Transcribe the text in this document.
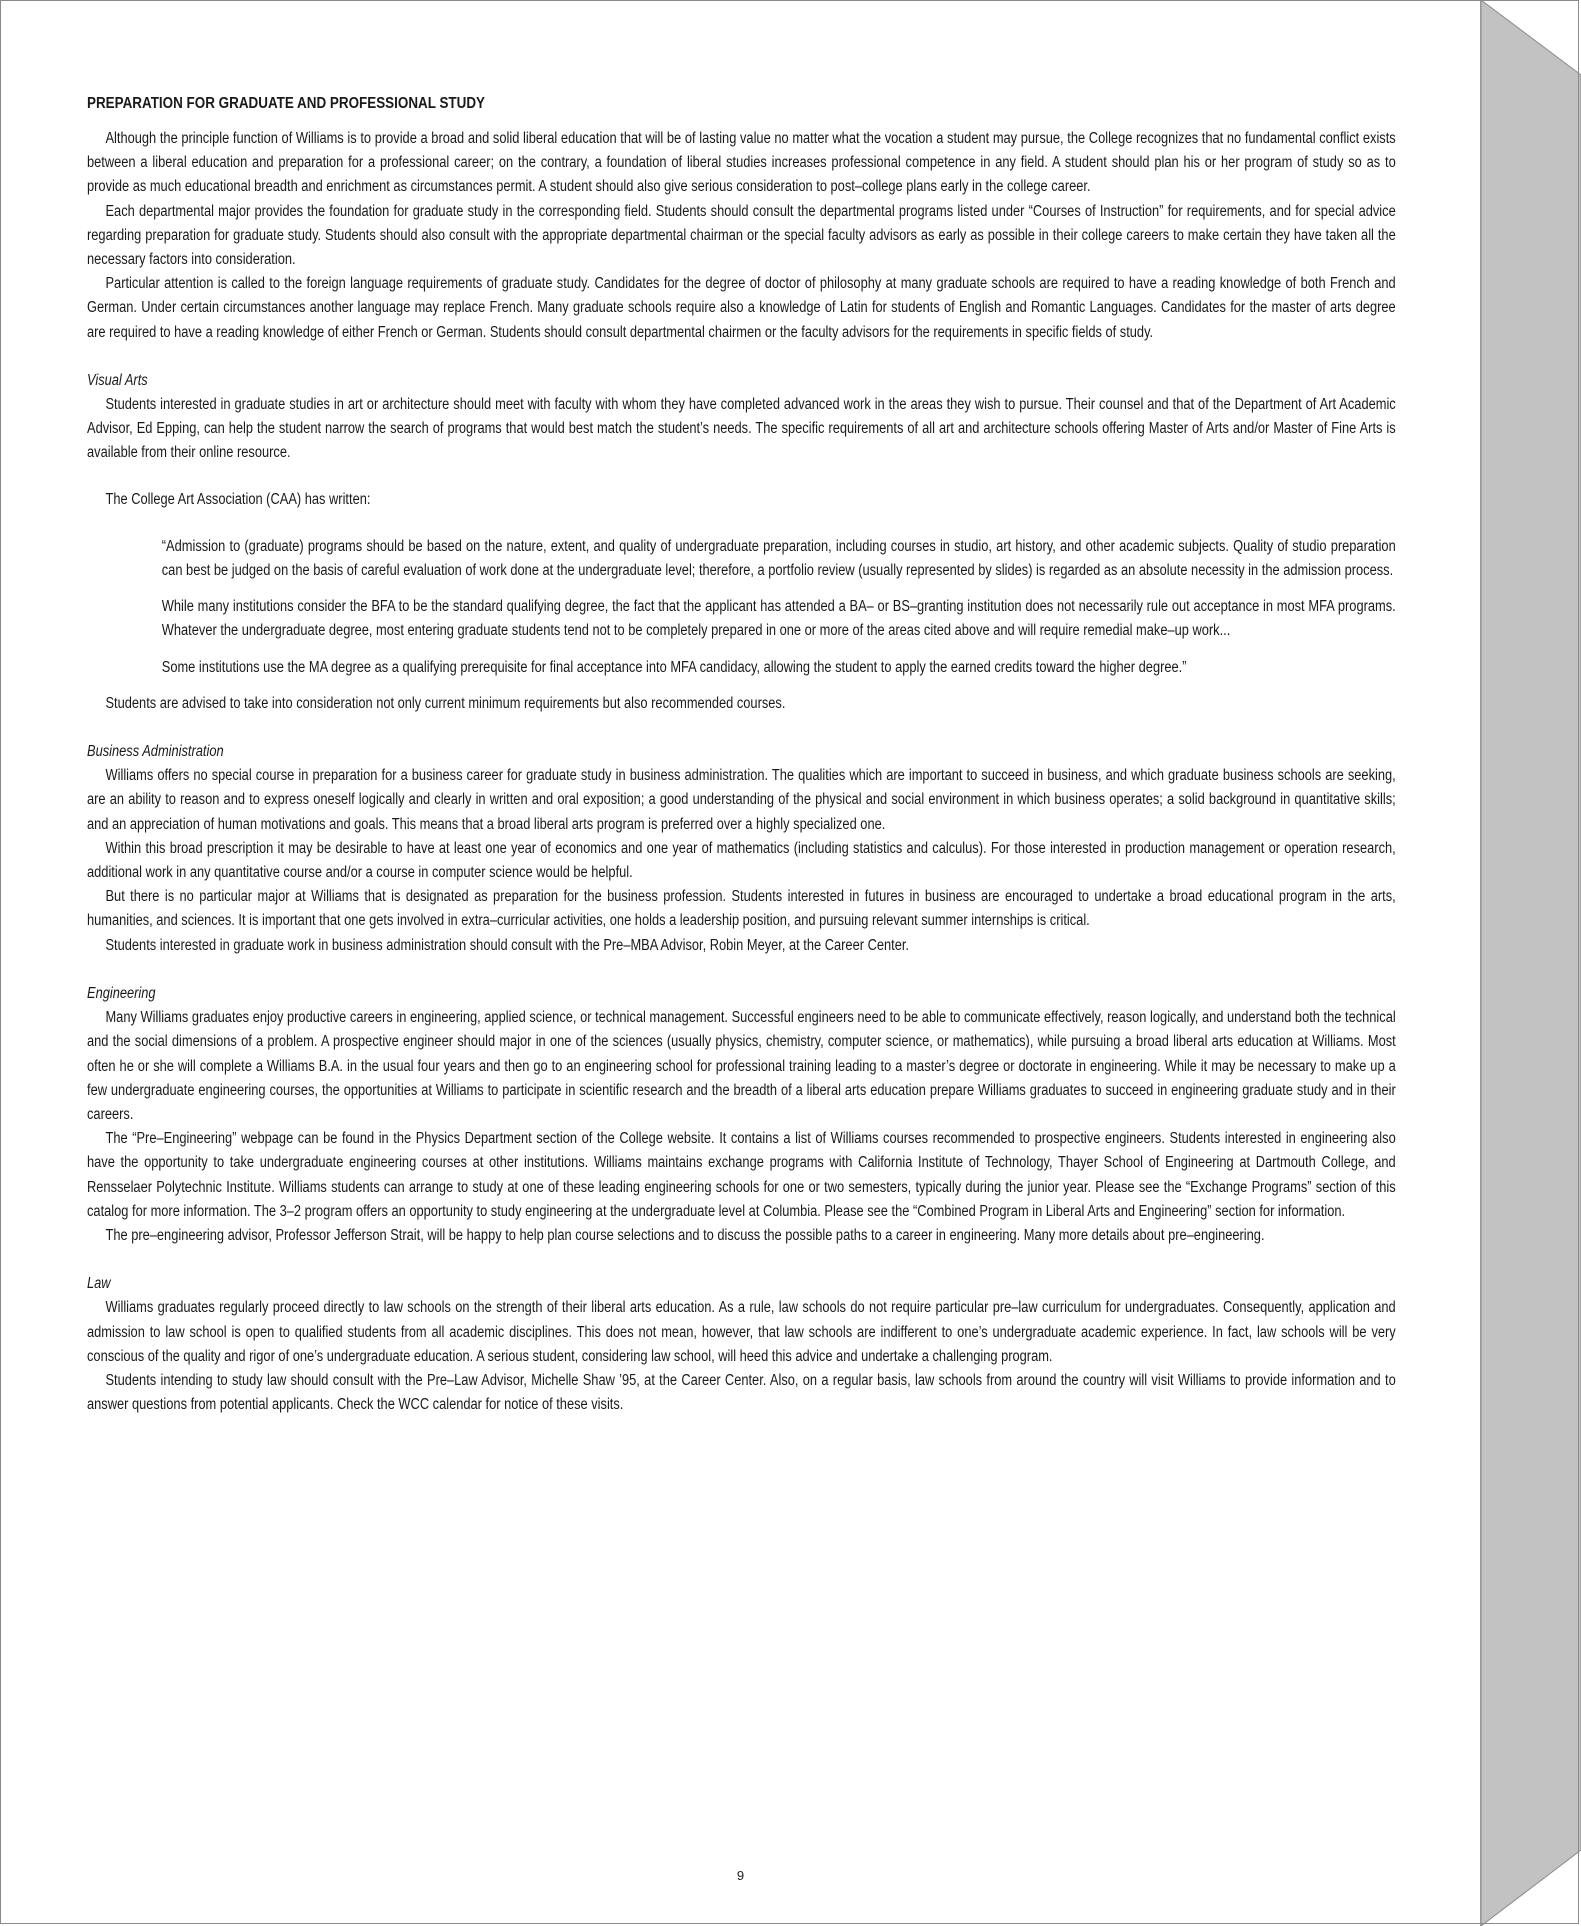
PREPARATION FOR GRADUATE AND PROFESSIONAL STUDY

Although the principle function of Williams is to provide a broad and solid liberal education that will be of lasting value no matter what the vocation a student may pursue, the College recognizes that no fundamental conflict exists between a liberal education and preparation for a professional career; on the contrary, a foundation of liberal studies increases professional competence in any field. A student should plan his or her program of study so as to provide as much educational breadth and enrichment as circumstances permit. A student should also give serious consideration to post–college plans early in the college career.

Each departmental major provides the foundation for graduate study in the corresponding field. Students should consult the departmental programs listed under “Courses of Instruction” for requirements, and for special advice regarding preparation for graduate study. Students should also consult with the appropriate departmental chairman or the special faculty advisors as early as possible in their college careers to make certain they have taken all the necessary factors into consideration.

Particular attention is called to the foreign language requirements of graduate study. Candidates for the degree of doctor of philosophy at many graduate schools are required to have a reading knowledge of both French and German. Under certain circumstances another language may replace French. Many graduate schools require also a knowledge of Latin for students of English and Romantic Languages. Candidates for the master of arts degree are required to have a reading knowledge of either French or German. Students should consult departmental chairmen or the faculty advisors for the requirements in specific fields of study.

Visual Arts

Students interested in graduate studies in art or architecture should meet with faculty with whom they have completed advanced work in the areas they wish to pursue. Their counsel and that of the Department of Art Academic Advisor, Ed Epping, can help the student narrow the search of programs that would best match the student’s needs. The specific requirements of all art and architecture schools offering Master of Arts and/or Master of Fine Arts is available from their online resource.

The College Art Association (CAA) has written:

“Admission to (graduate) programs should be based on the nature, extent, and quality of undergraduate preparation, including courses in studio, art history, and other academic subjects. Quality of studio preparation can best be judged on the basis of careful evaluation of work done at the undergraduate level; therefore, a portfolio review (usually represented by slides) is regarded as an absolute necessity in the admission process.

While many institutions consider the BFA to be the standard qualifying degree, the fact that the applicant has attended a BA– or BS–granting institution does not necessarily rule out acceptance in most MFA programs. Whatever the undergraduate degree, most entering graduate students tend not to be completely prepared in one or more of the areas cited above and will require remedial make–up work...

Some institutions use the MA degree as a qualifying prerequisite for final acceptance into MFA candidacy, allowing the student to apply the earned credits toward the higher degree.”

Students are advised to take into consideration not only current minimum requirements but also recommended courses.

Business Administration

Williams offers no special course in preparation for a business career for graduate study in business administration. The qualities which are important to succeed in business, and which graduate business schools are seeking, are an ability to reason and to express oneself logically and clearly in written and oral exposition; a good understanding of the physical and social environment in which business operates; a solid background in quantitative skills; and an appreciation of human motivations and goals. This means that a broad liberal arts program is preferred over a highly specialized one.

Within this broad prescription it may be desirable to have at least one year of economics and one year of mathematics (including statistics and calculus). For those interested in production management or operation research, additional work in any quantitative course and/or a course in computer science would be helpful.

But there is no particular major at Williams that is designated as preparation for the business profession. Students interested in futures in business are encouraged to undertake a broad educational program in the arts, humanities, and sciences. It is important that one gets involved in extra–curricular activities, one holds a leadership position, and pursuing relevant summer internships is critical.

Students interested in graduate work in business administration should consult with the Pre–MBA Advisor, Robin Meyer, at the Career Center.

Engineering

Many Williams graduates enjoy productive careers in engineering, applied science, or technical management. Successful engineers need to be able to communicate effectively, reason logically, and understand both the technical and the social dimensions of a problem. A prospective engineer should major in one of the sciences (usually physics, chemistry, computer science, or mathematics), while pursuing a broad liberal arts education at Williams. Most often he or she will complete a Williams B.A. in the usual four years and then go to an engineering school for professional training leading to a master’s degree or doctorate in engineering. While it may be necessary to make up a few undergraduate engineering courses, the opportunities at Williams to participate in scientific research and the breadth of a liberal arts education prepare Williams graduates to succeed in engineering graduate study and in their careers.

The “Pre–Engineering” webpage can be found in the Physics Department section of the College website. It contains a list of Williams courses recommended to prospective engineers. Students interested in engineering also have the opportunity to take undergraduate engineering courses at other institutions. Williams maintains exchange programs with California Institute of Technology, Thayer School of Engineering at Dartmouth College, and Rensselaer Polytechnic Institute. Williams students can arrange to study at one of these leading engineering schools for one or two semesters, typically during the junior year. Please see the “Exchange Programs” section of this catalog for more information. The 3–2 program offers an opportunity to study engineering at the undergraduate level at Columbia. Please see the “Combined Program in Liberal Arts and Engineering” section for information.

The pre–engineering advisor, Professor Jefferson Strait, will be happy to help plan course selections and to discuss the possible paths to a career in engineering. Many more details about pre–engineering.

Law

Williams graduates regularly proceed directly to law schools on the strength of their liberal arts education. As a rule, law schools do not require particular pre–law curriculum for undergraduates. Consequently, application and admission to law school is open to qualified students from all academic disciplines. This does not mean, however, that law schools are indifferent to one’s undergraduate academic experience. In fact, law schools will be very conscious of the quality and rigor of one’s undergraduate education. A serious student, considering law school, will heed this advice and undertake a challenging program.

Students intending to study law should consult with the Pre–Law Advisor, Michelle Shaw ’95, at the Career Center. Also, on a regular basis, law schools from around the country will visit Williams to provide information and to answer questions from potential applicants. Check the WCC calendar for notice of these visits.

9
